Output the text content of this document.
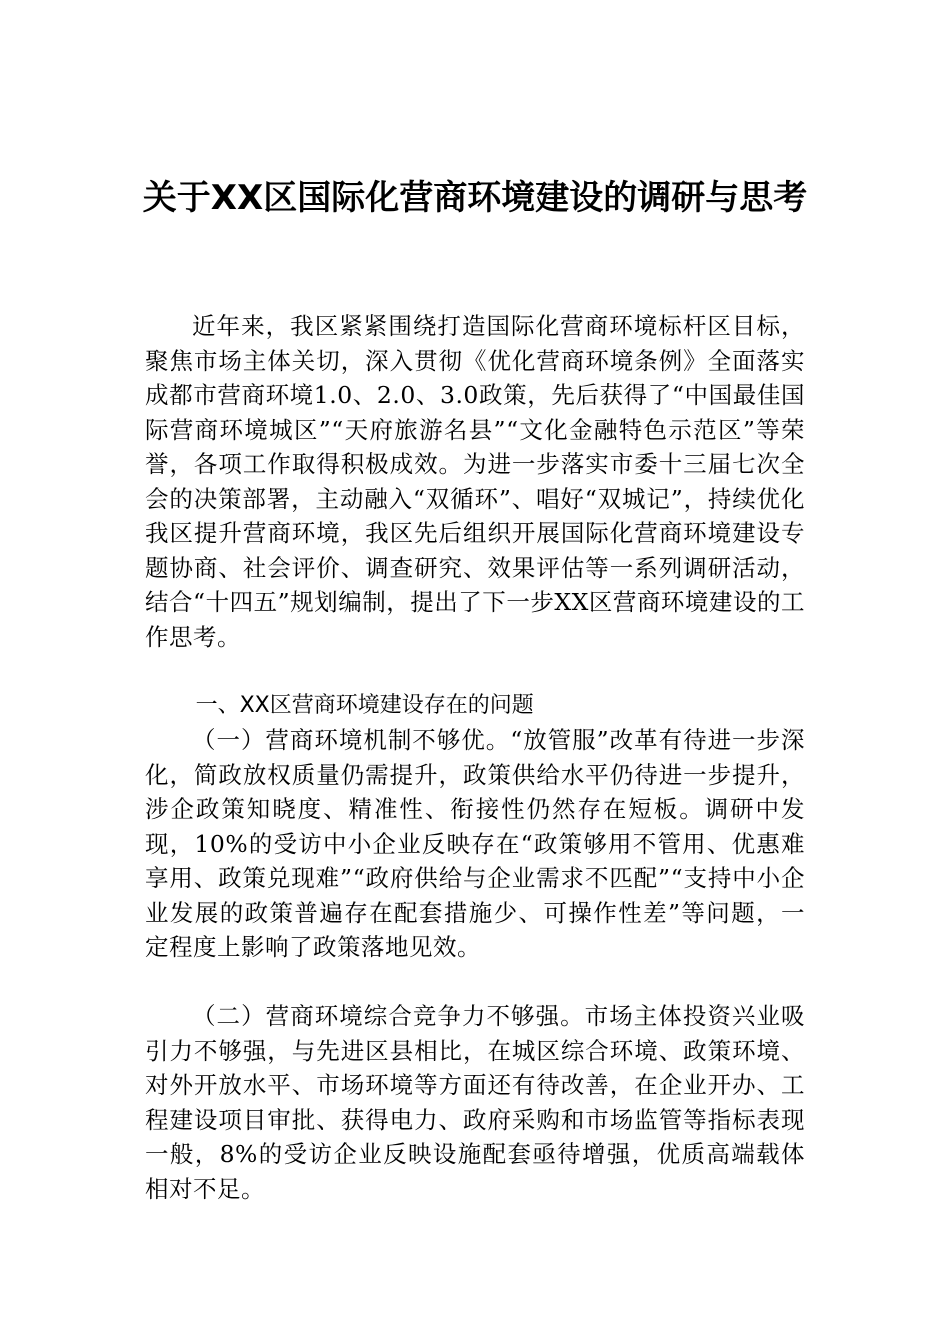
关于XX区国际化营商环境建设的调研与思考

近年来，我区紧紧围绕打造国际化营商环境标杆区目标，聚焦市场主体关切，深入贯彻《优化营商环境条例》全面落实成都市营商环境1.0、2.0、3.0政策，先后获得了“中国最佳国际营商环境城区”“天府旅游名县”“文化金融特色示范区”等荣誉，各项工作取得积极成效。为进一步落实市委十三届七次全会的决策部署，主动融入“双循环”、唱好“双城记”，持续优化我区提升营商环境，我区先后组织开展国际化营商环境建设专题协商、社会评价、调查研究、效果评估等一系列调研活动，结合“十四五”规划编制，提出了下一步XX区营商环境建设的工作思考。

一、XX区营商环境建设存在的问题

（一）营商环境机制不够优。“放管服”改革有待进一步深化，简政放权质量仍需提升，政策供给水平仍待进一步提升，涉企政策知晓度、精准性、衔接性仍然存在短板。调研中发现，10%的受访中小企业反映存在“政策够用不管用、优惠难享用、政策兑现难”“政府供给与企业需求不匹配”“支持中小企业发展的政策普遍存在配套措施少、可操作性差”等问题，一定程度上影响了政策落地见效。

（二）营商环境综合竞争力不够强。市场主体投资兴业吸引力不够强，与先进区县相比，在城区综合环境、政策环境、对外开放水平、市场环境等方面还有待改善，在企业开办、工程建设项目审批、获得电力、政府采购和市场监管等指标表现一般，8%的受访企业反映设施配套亟待增强，优质高端载体相对不足。
